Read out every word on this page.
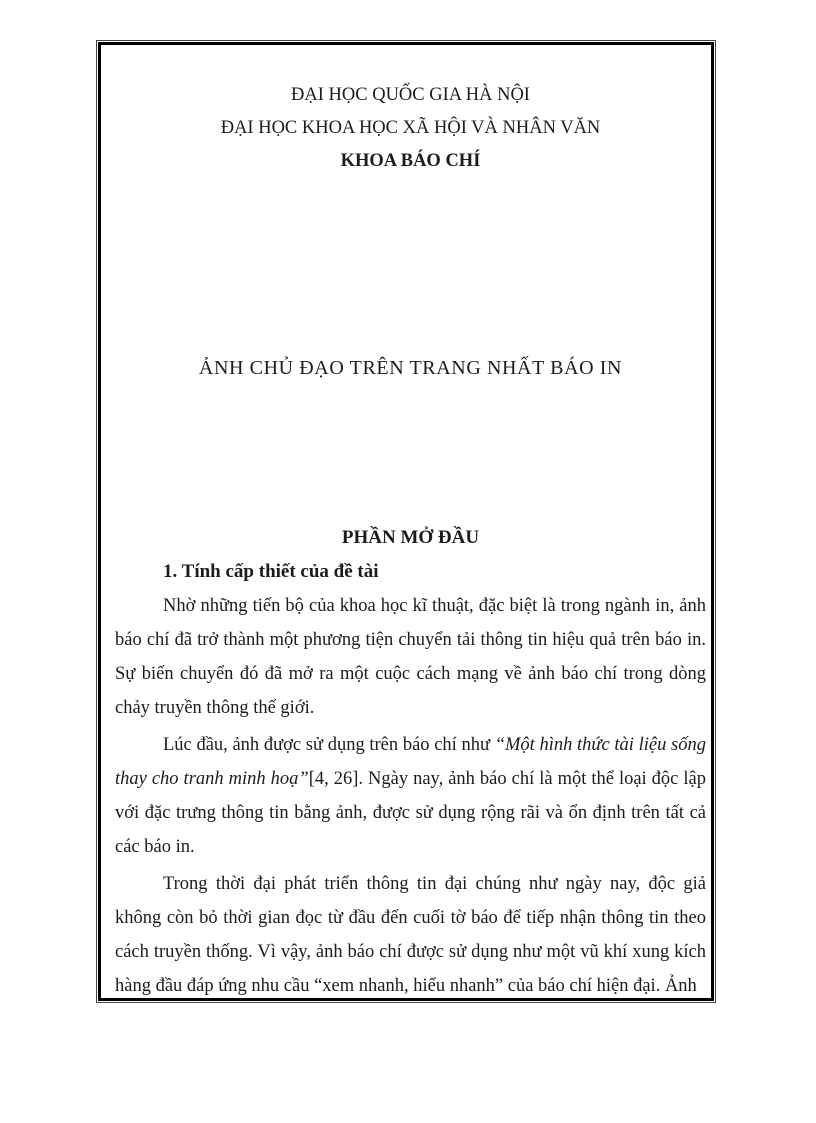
ĐẠI HỌC QUỐC GIA HÀ NỘI

ĐẠI HỌC KHOA HỌC XÃ HỘI VÀ NHÂN VĂN

KHOA BÁO CHÍ

ẢNH CHỦ ĐẠO TRÊN TRANG NHẤT BÁO IN
PHẦN MỞ ĐẦU
1. Tính cấp thiết của đề tài

Nhờ những tiến bộ của khoa học kĩ thuật, đặc biệt là trong ngành in, ảnh báo chí đã trở thành một phương tiện chuyển tải thông tin hiệu quả trên báo in. Sự biến chuyển đó đã mở ra một cuộc cách mạng về ảnh báo chí trong dòng chảy truyền thông thế giới.

Lúc đầu, ảnh được sử dụng trên báo chí như “Một hình thức tài liệu sống thay cho tranh minh hoạ”[4, 26]. Ngày nay, ảnh báo chí là một thể loại độc lập với đặc trưng thông tin bằng ảnh, được sử dụng rộng rãi và ổn định trên tất cả các báo in.

Trong thời đại phát triển thông tin đại chúng như ngày nay, độc giả không còn bỏ thời gian đọc từ đầu đến cuối tờ báo để tiếp nhận thông tin theo cách truyền thống. Vì vậy, ảnh báo chí được sử dụng như một vũ khí xung kích hàng đầu đáp ứng nhu cầu “xem nhanh, hiểu nhanh” của báo chí hiện đại. Ảnh
